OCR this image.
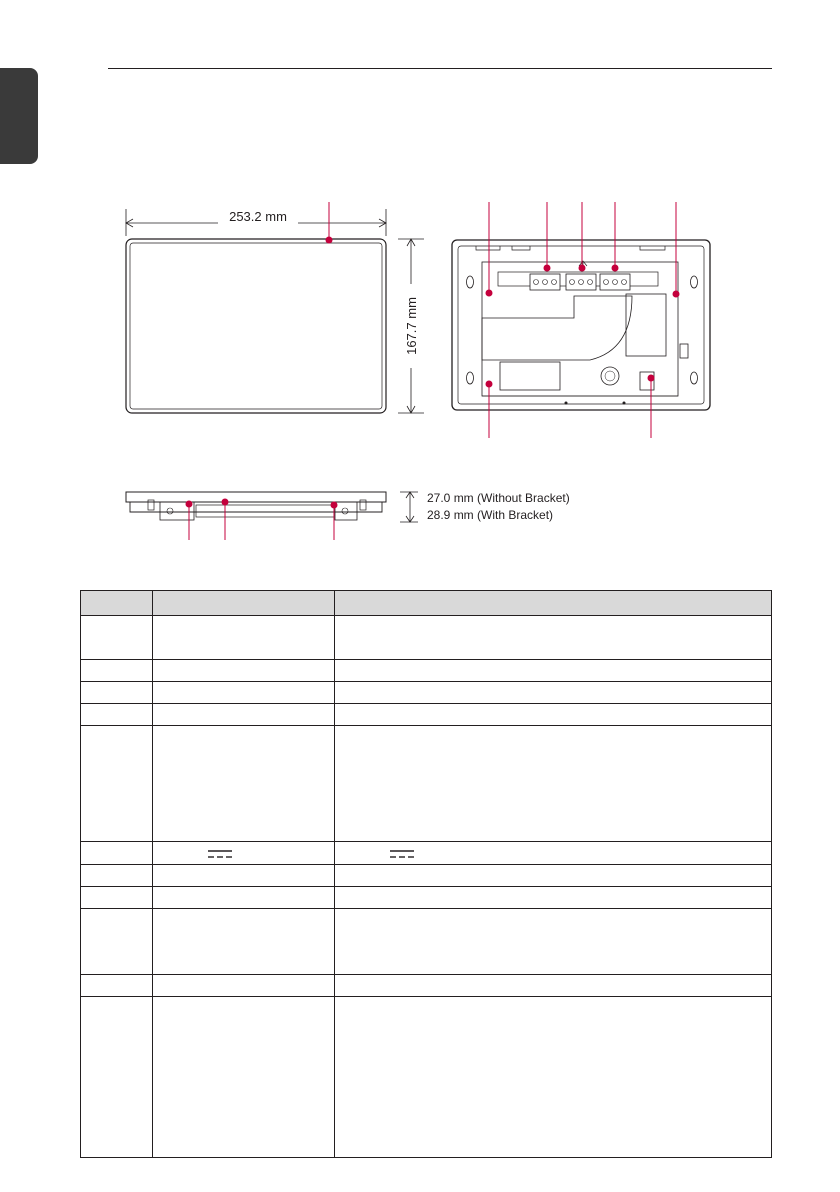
253.2 mm
167.7 mm
27.0 mm (Without Bracket)
28.9 mm (With Bracket)
